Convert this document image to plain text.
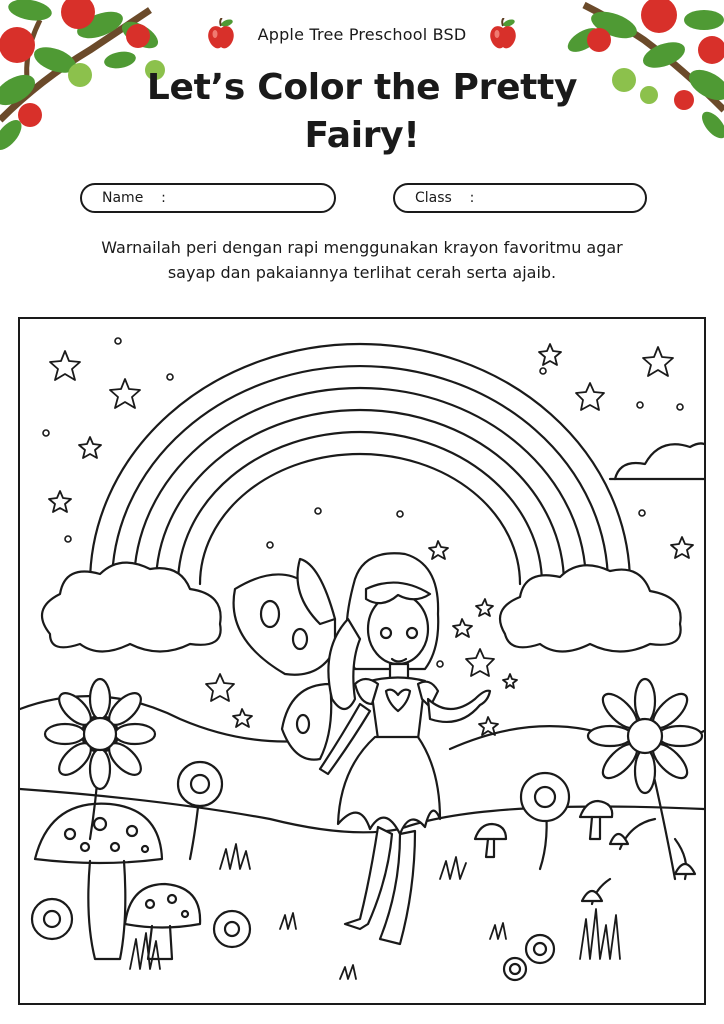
Apple Tree Preschool BSD
Let’s Color the Pretty
Fairy!
Name    :	Class    :
Warnailah peri dengan rapi menggunakan krayon favoritmu agar
sayap dan pakaiannya terlihat cerah serta ajaib.
